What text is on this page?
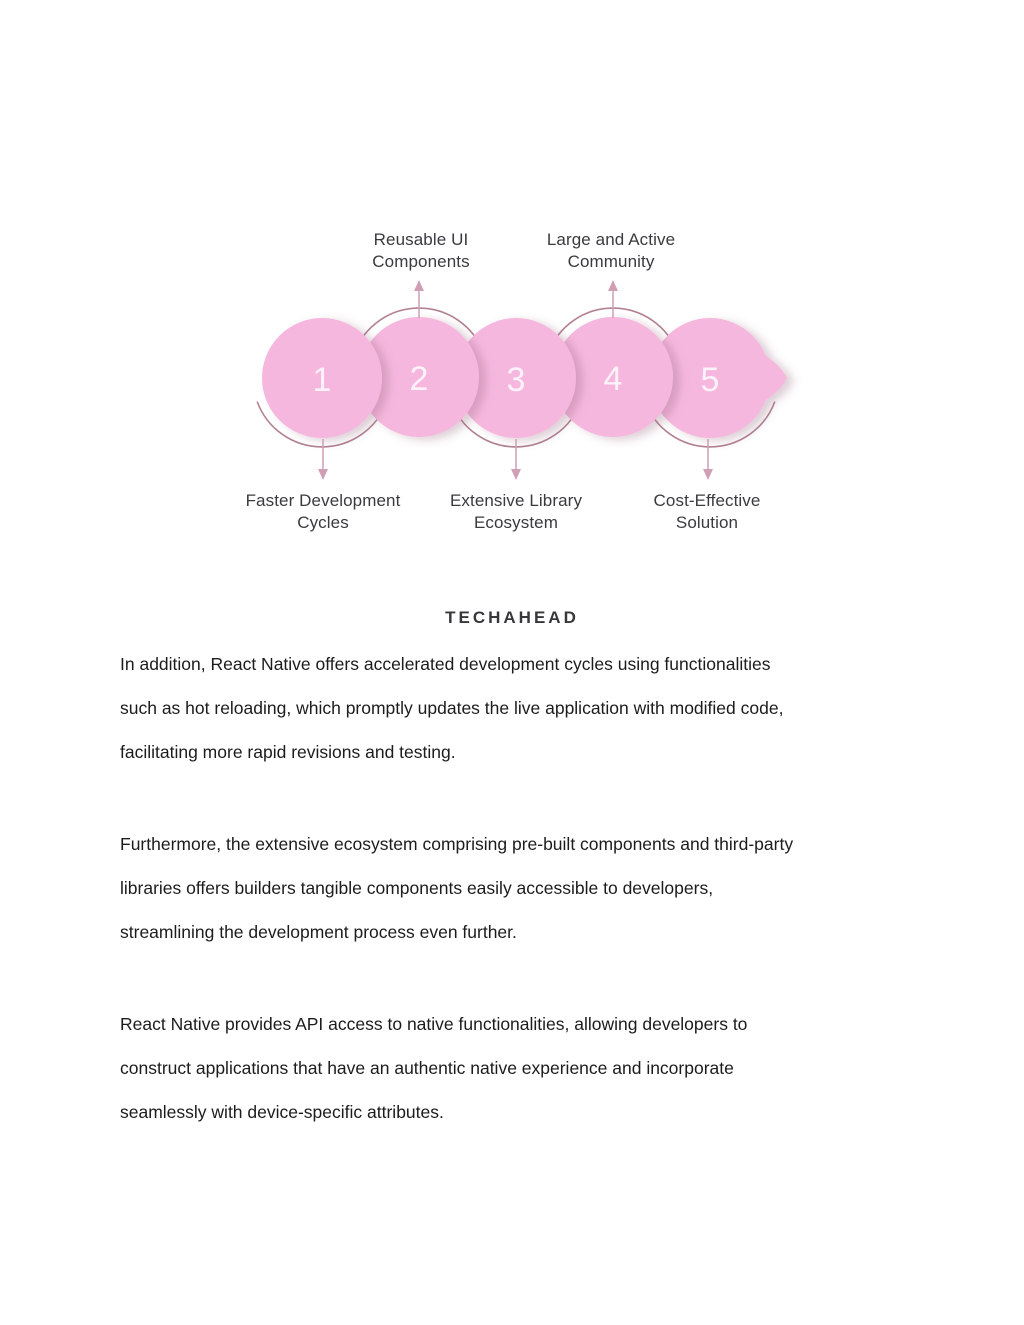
1 2 3 4 5
Reusable UI Components
Large and Active Community
Faster Development Cycles
Extensive Library Ecosystem
Cost-Effective Solution
TECHAHEAD

In addition, React Native offers accelerated development cycles using functionalities
such as hot reloading, which promptly updates the live application with modified code,
facilitating more rapid revisions and testing.

Furthermore, the extensive ecosystem comprising pre-built components and third-party
libraries offers builders tangible components easily accessible to developers,
streamlining the development process even further.

React Native provides API access to native functionalities, allowing developers to
construct applications that have an authentic native experience and incorporate
seamlessly with device-specific attributes.
